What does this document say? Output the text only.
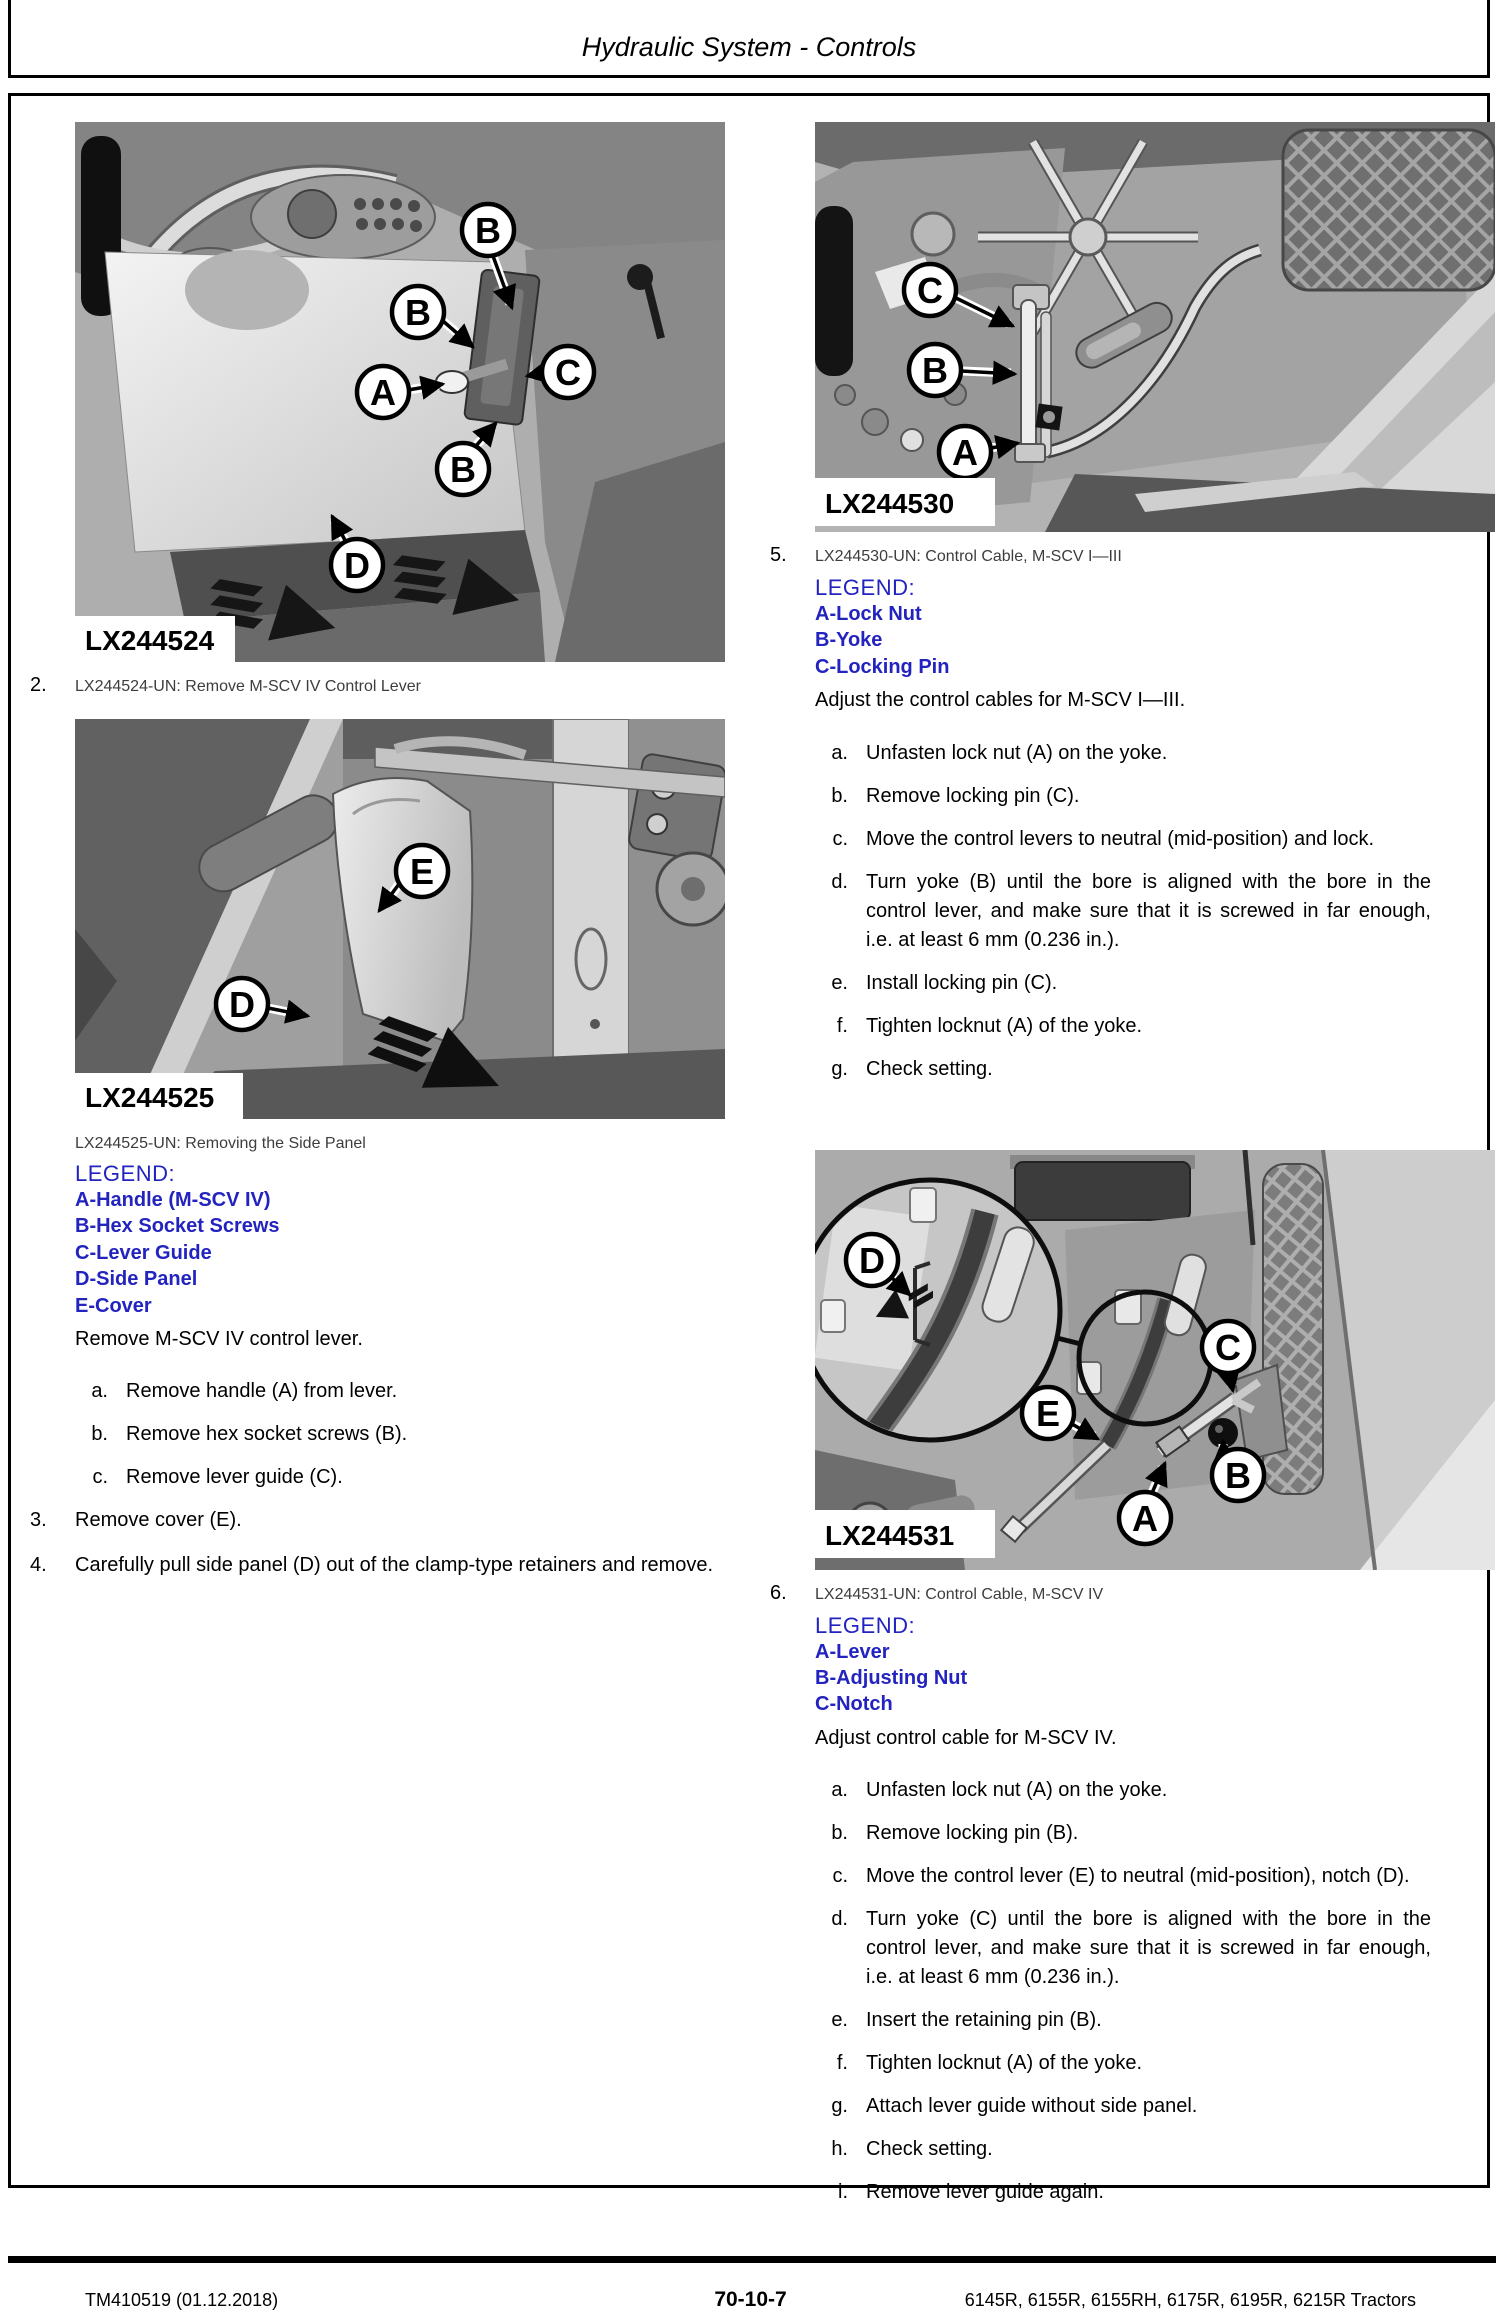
Hydraulic System - Controls
B
B
A	C
B
D
LX244524
2.	LX244524-UN: Remove M-SCV IV Control Lever
E
D
LX244525
LX244525-UN: Removing the Side Panel
LEGEND:
A-Handle (M-SCV IV)
B-Hex Socket Screws
C-Lever Guide
D-Side Panel
E-Cover
Remove M-SCV IV control lever.
a. Remove handle (A) from lever.
b. Remove hex socket screws (B).
c. Remove lever guide (C).
3.	Remove cover (E).
4.	Carefully pull side panel (D) out of the clamp-type retainers and remove.
C
B
A
LX244530
5.	LX244530-UN: Control Cable, M-SCV I—III
LEGEND:
A-Lock Nut
B-Yoke
C-Locking Pin
Adjust the control cables for M-SCV I—III.
a. Unfasten lock nut (A) on the yoke.
b. Remove locking pin (C).
c. Move the control levers to neutral (mid-position) and lock.
d. Turn yoke (B) until the bore is aligned with the bore in the control lever, and make sure that it is screwed in far enough, i.e. at least 6 mm (0.236 in.).
e. Install locking pin (C).
f. Tighten locknut (A) of the yoke.
g. Check setting.
D
C
E
B
A
LX244531
6.	LX244531-UN: Control Cable, M-SCV IV
LEGEND:
A-Lever
B-Adjusting Nut
C-Notch
Adjust control cable for M-SCV IV.
a. Unfasten lock nut (A) on the yoke.
b. Remove locking pin (B).
c. Move the control lever (E) to neutral (mid-position), notch (D).
d. Turn yoke (C) until the bore is aligned with the bore in the control lever, and make sure that it is screwed in far enough, i.e. at least 6 mm (0.236 in.).
e. Insert the retaining pin (B).
f. Tighten locknut (A) of the yoke.
g. Attach lever guide without side panel.
h. Check setting.
i. Remove lever guide again.
TM410519 (01.12.2018)	70-10-7	6145R, 6155R, 6155RH, 6175R, 6195R, 6215R Tractors
